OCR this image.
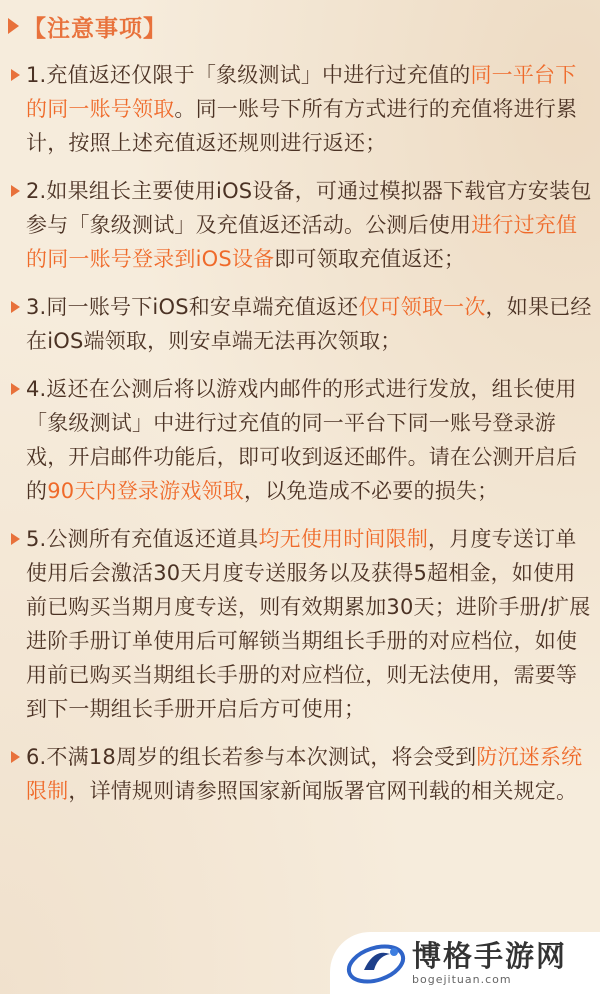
【注意事项】
1.充值返还仅限于「象级测试」中进行过充值的同一平台下的同一账号领取。同一账号下所有方式进行的充值将进行累计，按照上述充值返还规则进行返还；
2.如果组长主要使用iOS设备，可通过模拟器下载官方安装包参与「象级测试」及充值返还活动。公测后使用进行过充值的同一账号登录到iOS设备即可领取充值返还；
3.同一账号下iOS和安卓端充值返还仅可领取一次，如果已经在iOS端领取，则安卓端无法再次领取；
4.返还在公测后将以游戏内邮件的形式进行发放，组长使用「象级测试」中进行过充值的同一平台下同一账号登录游戏，开启邮件功能后，即可收到返还邮件。请在公测开启后的90天内登录游戏领取，以免造成不必要的损失；
5.公测所有充值返还道具均无使用时间限制，月度专送订单使用后会激活30天月度专送服务以及获得5超相金，如使用前已购买当期月度专送，则有效期累加30天；进阶手册/扩展进阶手册订单使用后可解锁当期组长手册的对应档位，如使用前已购买当期组长手册的对应档位，则无法使用，需要等到下一期组长手册开启后方可使用；
6.不满18周岁的组长若参与本次测试，将会受到防沉迷系统限制，详情规则请参照国家新闻版署官网刊载的相关规定。
博格手游网
bogejituan.com
